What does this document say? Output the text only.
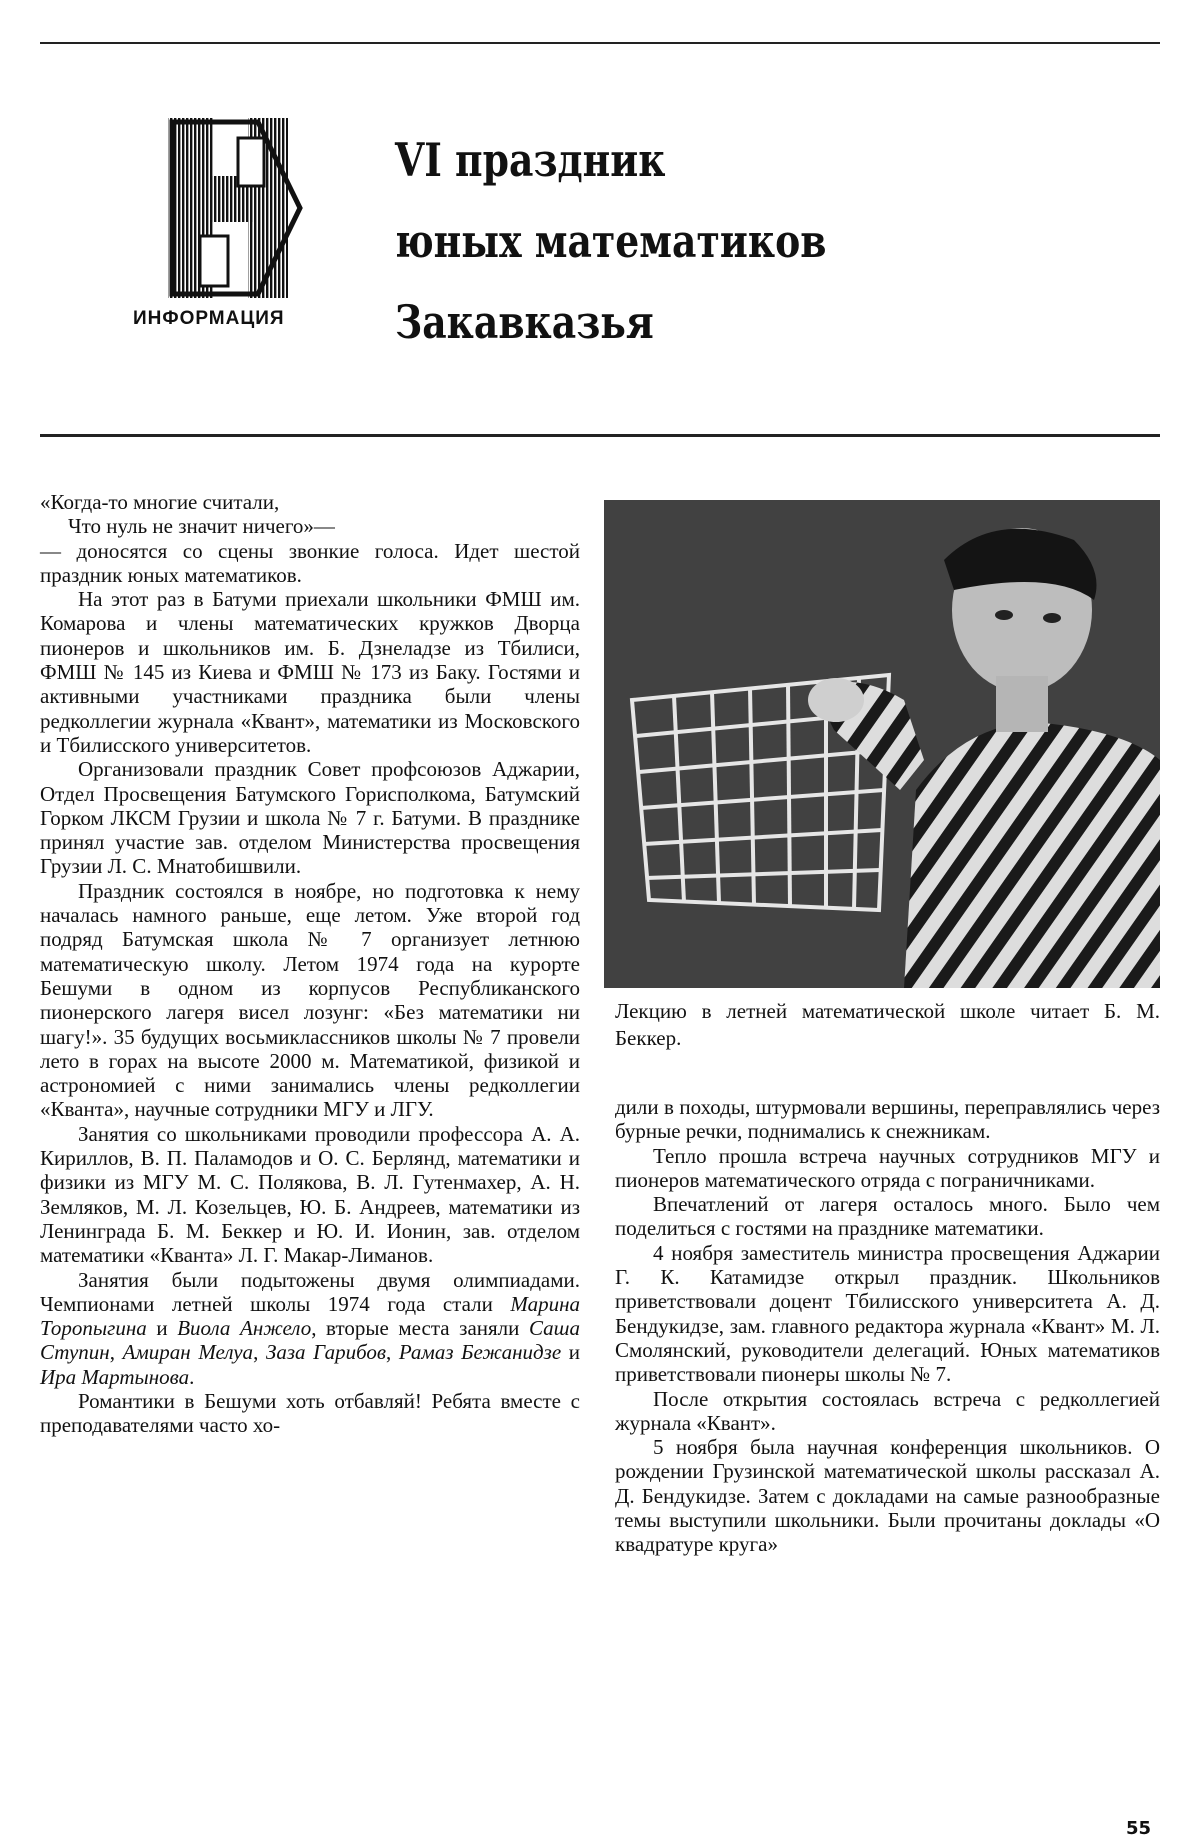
ИНФОРМАЦИЯ
VI праздник
юных математиков
Закавказья

«Когда-то многие считали,

Что нуль не значит ничего»—

— доносятся со сцены звонкие голоса. Идет шестой праздник юных математиков.

На этот раз в Батуми приехали школьники ФМШ им. Комарова и члены математических кружков Дворца пионеров и школьников им. Б. Дзнеладзе из Тбилиси, ФМШ № 145 из Киева и ФМШ № 173 из Баку. Гостями и активными участниками праздника были члены редколлегии журнала «Квант», математики из Московского и Тбилисского университетов.

Организовали праздник Совет профсоюзов Аджарии, Отдел Просвещения Батумского Горисполкома, Батумский Горком ЛКСМ Грузии и школа № 7 г. Батуми. В празднике принял участие зав. отделом Министерства просвещения Грузии Л. С. Мнатобишвили.

Праздник состоялся в ноябре, но подготовка к нему началась намного раньше, еще летом. Уже второй год подряд Батумская школа № 7 организует летнюю математическую школу. Летом 1974 года на курорте Бешуми в одном из корпусов Республиканского пионерского лагеря висел лозунг: «Без математики ни шагу!». 35 будущих восьмиклассников школы № 7 провели лето в горах на высоте 2000 м. Математикой, физикой и астрономией с ними занимались члены редколлегии «Кванта», научные сотрудники МГУ и ЛГУ.

Занятия со школьниками проводили профессора А. А. Кириллов, В. П. Паламодов и О. С. Берлянд, математики и физики из МГУ М. С. Полякова, В. Л. Гутенмахер, А. Н. Земляков, М. Л. Козельцев, Ю. Б. Андреев, математики из Ленинграда Б. М. Беккер и Ю. И. Ионин, зав. отделом математики «Кванта» Л. Г. Макар-Лиманов.

Занятия были подытожены двумя олимпиадами. Чемпионами летней школы 1974 года стали Марина Торопыгина и Виола Анжело, вторые места заняли Саша Ступин, Амиран Мелуа, Заза Гарибов, Рамаз Бежанидзе и Ира Мартынова.

Романтики в Бешуми хоть отбавляй! Ребята вместе с преподавателями часто хо-

Лекцию в летней математической школе читает Б. М. Беккер.

дили в походы, штурмовали вершины, переправлялись через бурные речки, поднимались к снежникам.

Тепло прошла встреча научных сотрудников МГУ и пионеров математического отряда с пограничниками.

Впечатлений от лагеря осталось много. Было чем поделиться с гостями на празднике математики.

4 ноября заместитель министра просвещения Аджарии Г. К. Катамидзе открыл праздник. Школьников приветствовали доцент Тбилисского университета А. Д. Бендукидзе, зам. главного редактора журнала «Квант» М. Л. Смолянский, руководители делегаций. Юных математиков приветствовали пионеры школы № 7.

После открытия состоялась встреча с редколлегией журнала «Квант».

5 ноября была научная конференция школьников. О рождении Грузинской математической школы рассказал А. Д. Бендукидзе. Затем с докладами на самые разнообразные темы выступили школьники. Были прочитаны доклады «О квадратуре круга»

55
